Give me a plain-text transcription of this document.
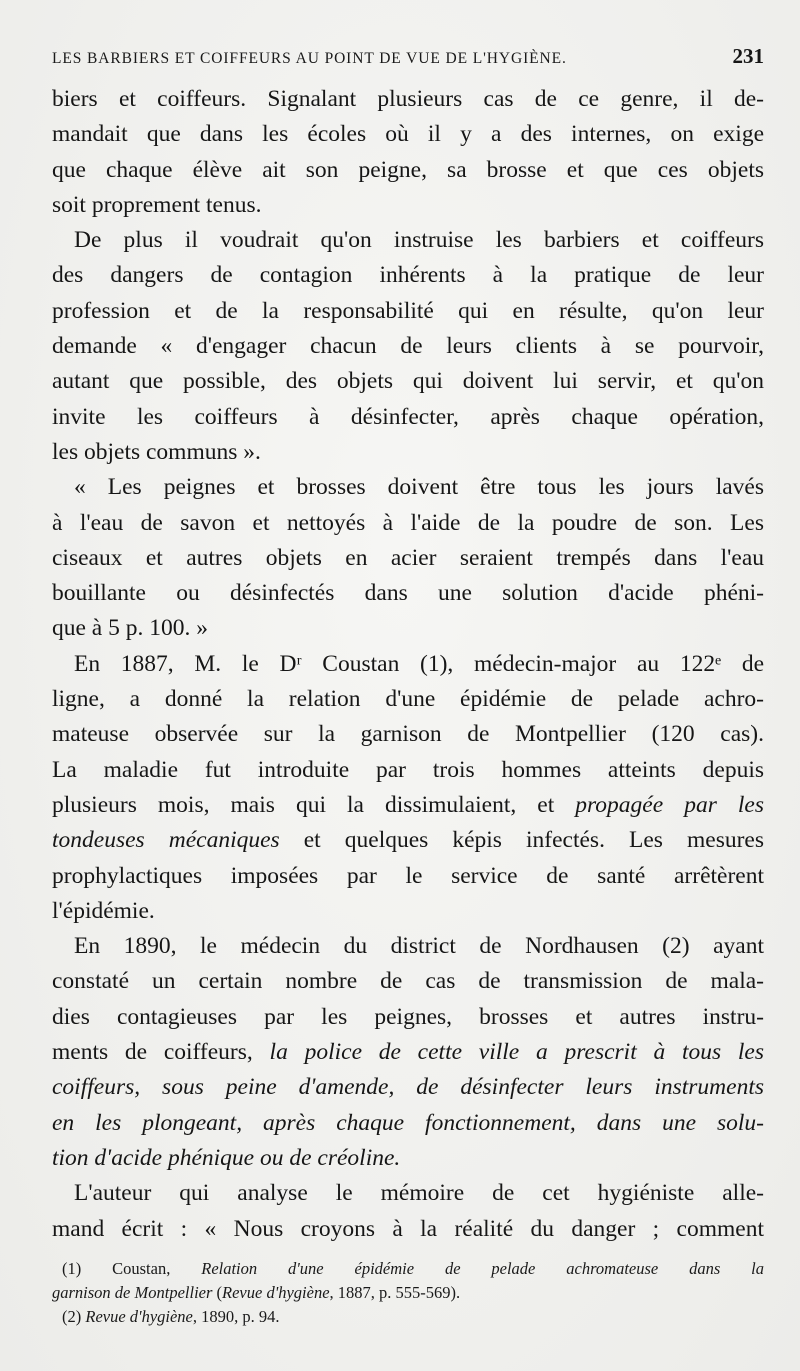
LES BARBIERS ET COIFFEURS AU POINT DE VUE DE L'HYGIÈNE.	231
biers et coiffeurs. Signalant plusieurs cas de ce genre, il de-
mandait que dans les écoles où il y a des internes, on exige
que chaque élève ait son peigne, sa brosse et que ces objets
soit proprement tenus.
De plus il voudrait qu'on instruise les barbiers et coiffeurs
des dangers de contagion inhérents à la pratique de leur
profession et de la responsabilité qui en résulte, qu'on leur
demande « d'engager chacun de leurs clients à se pourvoir,
autant que possible, des objets qui doivent lui servir, et qu'on
invite les coiffeurs à désinfecter, après chaque opération,
les objets communs ».
« Les peignes et brosses doivent être tous les jours lavés
à l'eau de savon et nettoyés à l'aide de la poudre de son. Les
ciseaux et autres objets en acier seraient trempés dans l'eau
bouillante ou désinfectés dans une solution d'acide phéni-
que à 5 p. 100. »
En 1887, M. le Dʳ Coustan (1), médecin-major au 122ᵉ de
ligne, a donné la relation d'une épidémie de pelade achro-
mateuse observée sur la garnison de Montpellier (120 cas).
La maladie fut introduite par trois hommes atteints depuis
plusieurs mois, mais qui la dissimulaient, et propagée par les
tondeuses mécaniques et quelques képis infectés. Les mesures
prophylactiques imposées par le service de santé arrêtèrent
l'épidémie.
En 1890, le médecin du district de Nordhausen (2) ayant
constaté un certain nombre de cas de transmission de mala-
dies contagieuses par les peignes, brosses et autres instru-
ments de coiffeurs, la police de cette ville a prescrit à tous les
coiffeurs, sous peine d'amende, de désinfecter leurs instruments
en les plongeant, après chaque fonctionnement, dans une solu-
tion d'acide phénique ou de créoline.
L'auteur qui analyse le mémoire de cet hygiéniste alle-
mand écrit : « Nous croyons à la réalité du danger ; comment
(1) Coustan, Relation d'une épidémie de pelade achromateuse dans la
garnison de Montpellier (Revue d'hygiène, 1887, p. 555-569).
(2) Revue d'hygiène, 1890, p. 94.
